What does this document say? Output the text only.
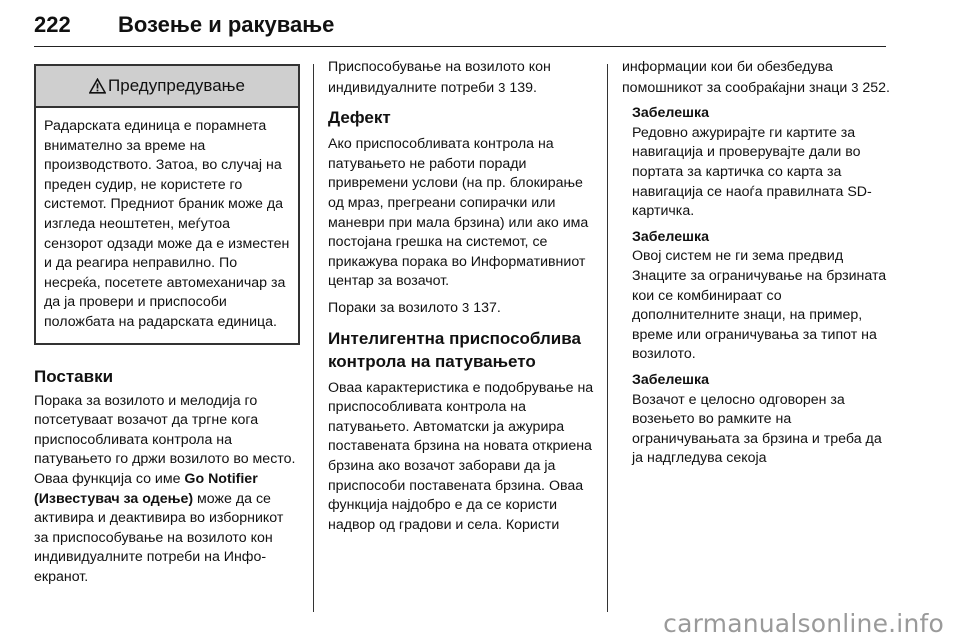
222 Возење и ракување
Предупредување
Радарската единица е порамнета внимателно за време на производството. Затоа, во случај на преден судир, не користете го системот. Предниот браник може да изгледа неоштетен, меѓутоа сензорот одзади може да е изместен и да реагира неправилно. По несреќа, посетете автомеханичар за да ја провери и приспособи положбата на радарската единица.
Поставки

Порака за возилото и мелодија го потсетуваат возачот да тргне кога приспособливата контрола на патувањето го држи возилото во место. Оваа функција со име Go Notifier (Известувач за одење) може да се активира и деактивира во изборникот за приспособување на возилото кон индивидуалните потреби на Инфо-екранот.

Приспособување на возилото кон индивидуалните потреби 3 139.

Дефект

Ако приспособливата контрола на патувањето не работи поради привремени услови (на пр. блокирање од мраз, прегреани сопирачки или маневри при мала брзина) или ако има постојана грешка на системот, се прикажува порака во Информативниот центар за возачот.

Пораки за возилото 3 137.

Интелигентна приспособлива контрола на патувањето

Оваа карактеристика е подобрување на приспособливата контрола на патувањето. Автоматски ја ажурира поставената брзина на новата откриена брзина ако возачот заборави да ја приспособи поставената брзина. Оваа функција најдобро е да се користи надвор од градови и села. Користи

информации кои би обезбедува помошникот за сообраќајни знаци 3 252.

Забелешка
Редовно ажурирајте ги картите за навигација и проверувајте дали во портата за картичка со карта за навигација се наоѓа правилната SD-картичка.
Забелешка
Овој систем не ги зема предвид Знаците за ограничување на брзината кои се комбинираат со дополнителните знаци, на пример, време или ограничувања за типот на возилото.
Забелешка
Возачот е целосно одговорен за возењето во рамките на ограничувањата за брзина и треба да ја надгледува секоја
carmanualsonline.info
